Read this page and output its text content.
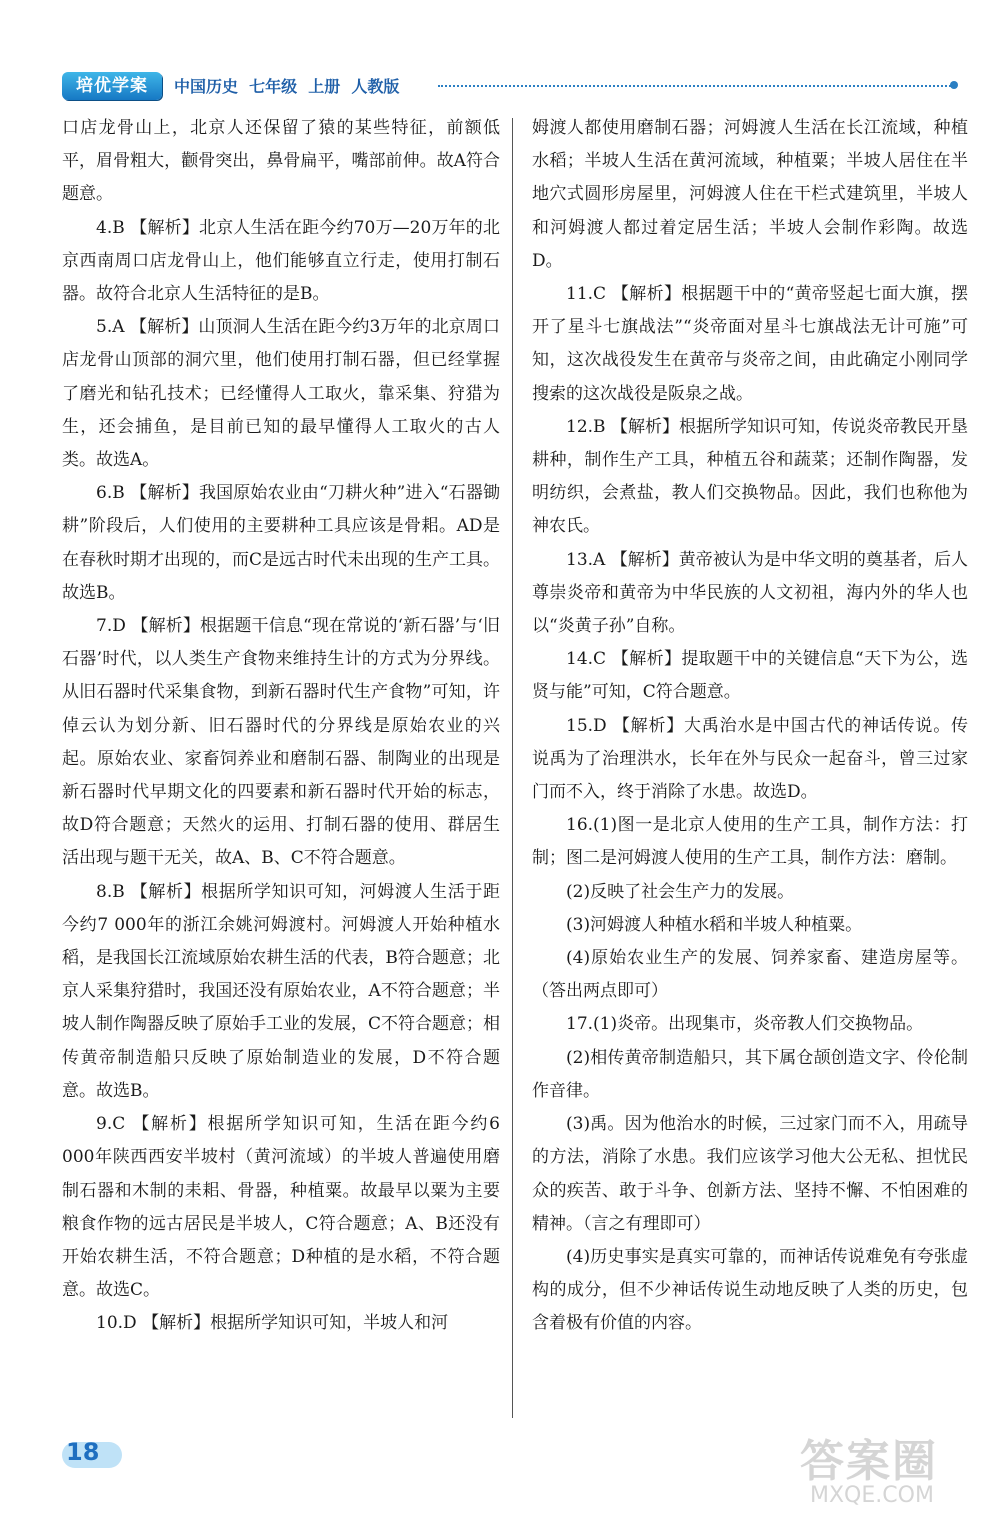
培优学案	中国历史  七年级  上册  人教版

口店龙骨山上，北京人还保留了猿的某些特征，前额低平，眉骨粗大，颧骨突出，鼻骨扁平，嘴部前伸。故A符合题意。

4.B 【解析】北京人生活在距今约70万—20万年的北京西南周口店龙骨山上，他们能够直立行走，使用打制石器。故符合北京人生活特征的是B。

5.A 【解析】山顶洞人生活在距今约3万年的北京周口店龙骨山顶部的洞穴里，他们使用打制石器，但已经掌握了磨光和钻孔技术；已经懂得人工取火，靠采集、狩猎为生，还会捕鱼，是目前已知的最早懂得人工取火的古人类。故选A。

6.B 【解析】我国原始农业由“刀耕火种”进入“石器锄耕”阶段后，人们使用的主要耕种工具应该是骨耜。AD是在春秋时期才出现的，而C是远古时代未出现的生产工具。故选B。

7.D 【解析】根据题干信息“现在常说的‘新石器’与‘旧石器’时代，以人类生产食物来维持生计的方式为分界线。从旧石器时代采集食物，到新石器时代生产食物”可知，许倬云认为划分新、旧石器时代的分界线是原始农业的兴起。原始农业、家畜饲养业和磨制石器、制陶业的出现是新石器时代早期文化的四要素和新石器时代开始的标志，故D符合题意；天然火的运用、打制石器的使用、群居生活出现与题干无关，故A、B、C不符合题意。

8.B 【解析】根据所学知识可知，河姆渡人生活于距今约7 000年的浙江余姚河姆渡村。河姆渡人开始种植水稻，是我国长江流域原始农耕生活的代表，B符合题意；北京人采集狩猎时，我国还没有原始农业，A不符合题意；半坡人制作陶器反映了原始手工业的发展，C不符合题意；相传黄帝制造船只反映了原始制造业的发展，D不符合题意。故选B。

9.C 【解析】根据所学知识可知，生活在距今约6 000年陕西西安半坡村（黄河流域）的半坡人普遍使用磨制石器和木制的耒耜、骨器，种植粟。故最早以粟为主要粮食作物的远古居民是半坡人，C符合题意；A、B还没有开始农耕生活，不符合题意；D种植的是水稻，不符合题意。故选C。

10.D 【解析】根据所学知识可知，半坡人和河

姆渡人都使用磨制石器；河姆渡人生活在长江流域，种植水稻；半坡人生活在黄河流域，种植粟；半坡人居住在半地穴式圆形房屋里，河姆渡人住在干栏式建筑里，半坡人和河姆渡人都过着定居生活；半坡人会制作彩陶。故选D。

11.C 【解析】根据题干中的“黄帝竖起七面大旗，摆开了星斗七旗战法”“炎帝面对星斗七旗战法无计可施”可知，这次战役发生在黄帝与炎帝之间，由此确定小刚同学搜索的这次战役是阪泉之战。

12.B 【解析】根据所学知识可知，传说炎帝教民开垦耕种，制作生产工具，种植五谷和蔬菜；还制作陶器，发明纺织，会煮盐，教人们交换物品。因此，我们也称他为神农氏。

13.A 【解析】黄帝被认为是中华文明的奠基者，后人尊崇炎帝和黄帝为中华民族的人文初祖，海内外的华人也以“炎黄子孙”自称。

14.C 【解析】提取题干中的关键信息“天下为公，选贤与能”可知，C符合题意。

15.D 【解析】大禹治水是中国古代的神话传说。传说禹为了治理洪水，长年在外与民众一起奋斗，曾三过家门而不入，终于消除了水患。故选D。

16.(1)图一是北京人使用的生产工具，制作方法：打制；图二是河姆渡人使用的生产工具，制作方法：磨制。

(2)反映了社会生产力的发展。

(3)河姆渡人种植水稻和半坡人种植粟。

(4)原始农业生产的发展、饲养家畜、建造房屋等。（答出两点即可）

17.(1)炎帝。出现集市，炎帝教人们交换物品。

(2)相传黄帝制造船只，其下属仓颉创造文字、伶伦制作音律。

(3)禹。因为他治水的时候，三过家门而不入，用疏导的方法，消除了水患。我们应该学习他大公无私、担忧民众的疾苦、敢于斗争、创新方法、坚持不懈、不怕困难的精神。（言之有理即可）

(4)历史事实是真实可靠的，而神话传说难免有夸张虚构的成分，但不少神话传说生动地反映了人类的历史，包含着极有价值的内容。

18	答案圈
MXQE.COM
